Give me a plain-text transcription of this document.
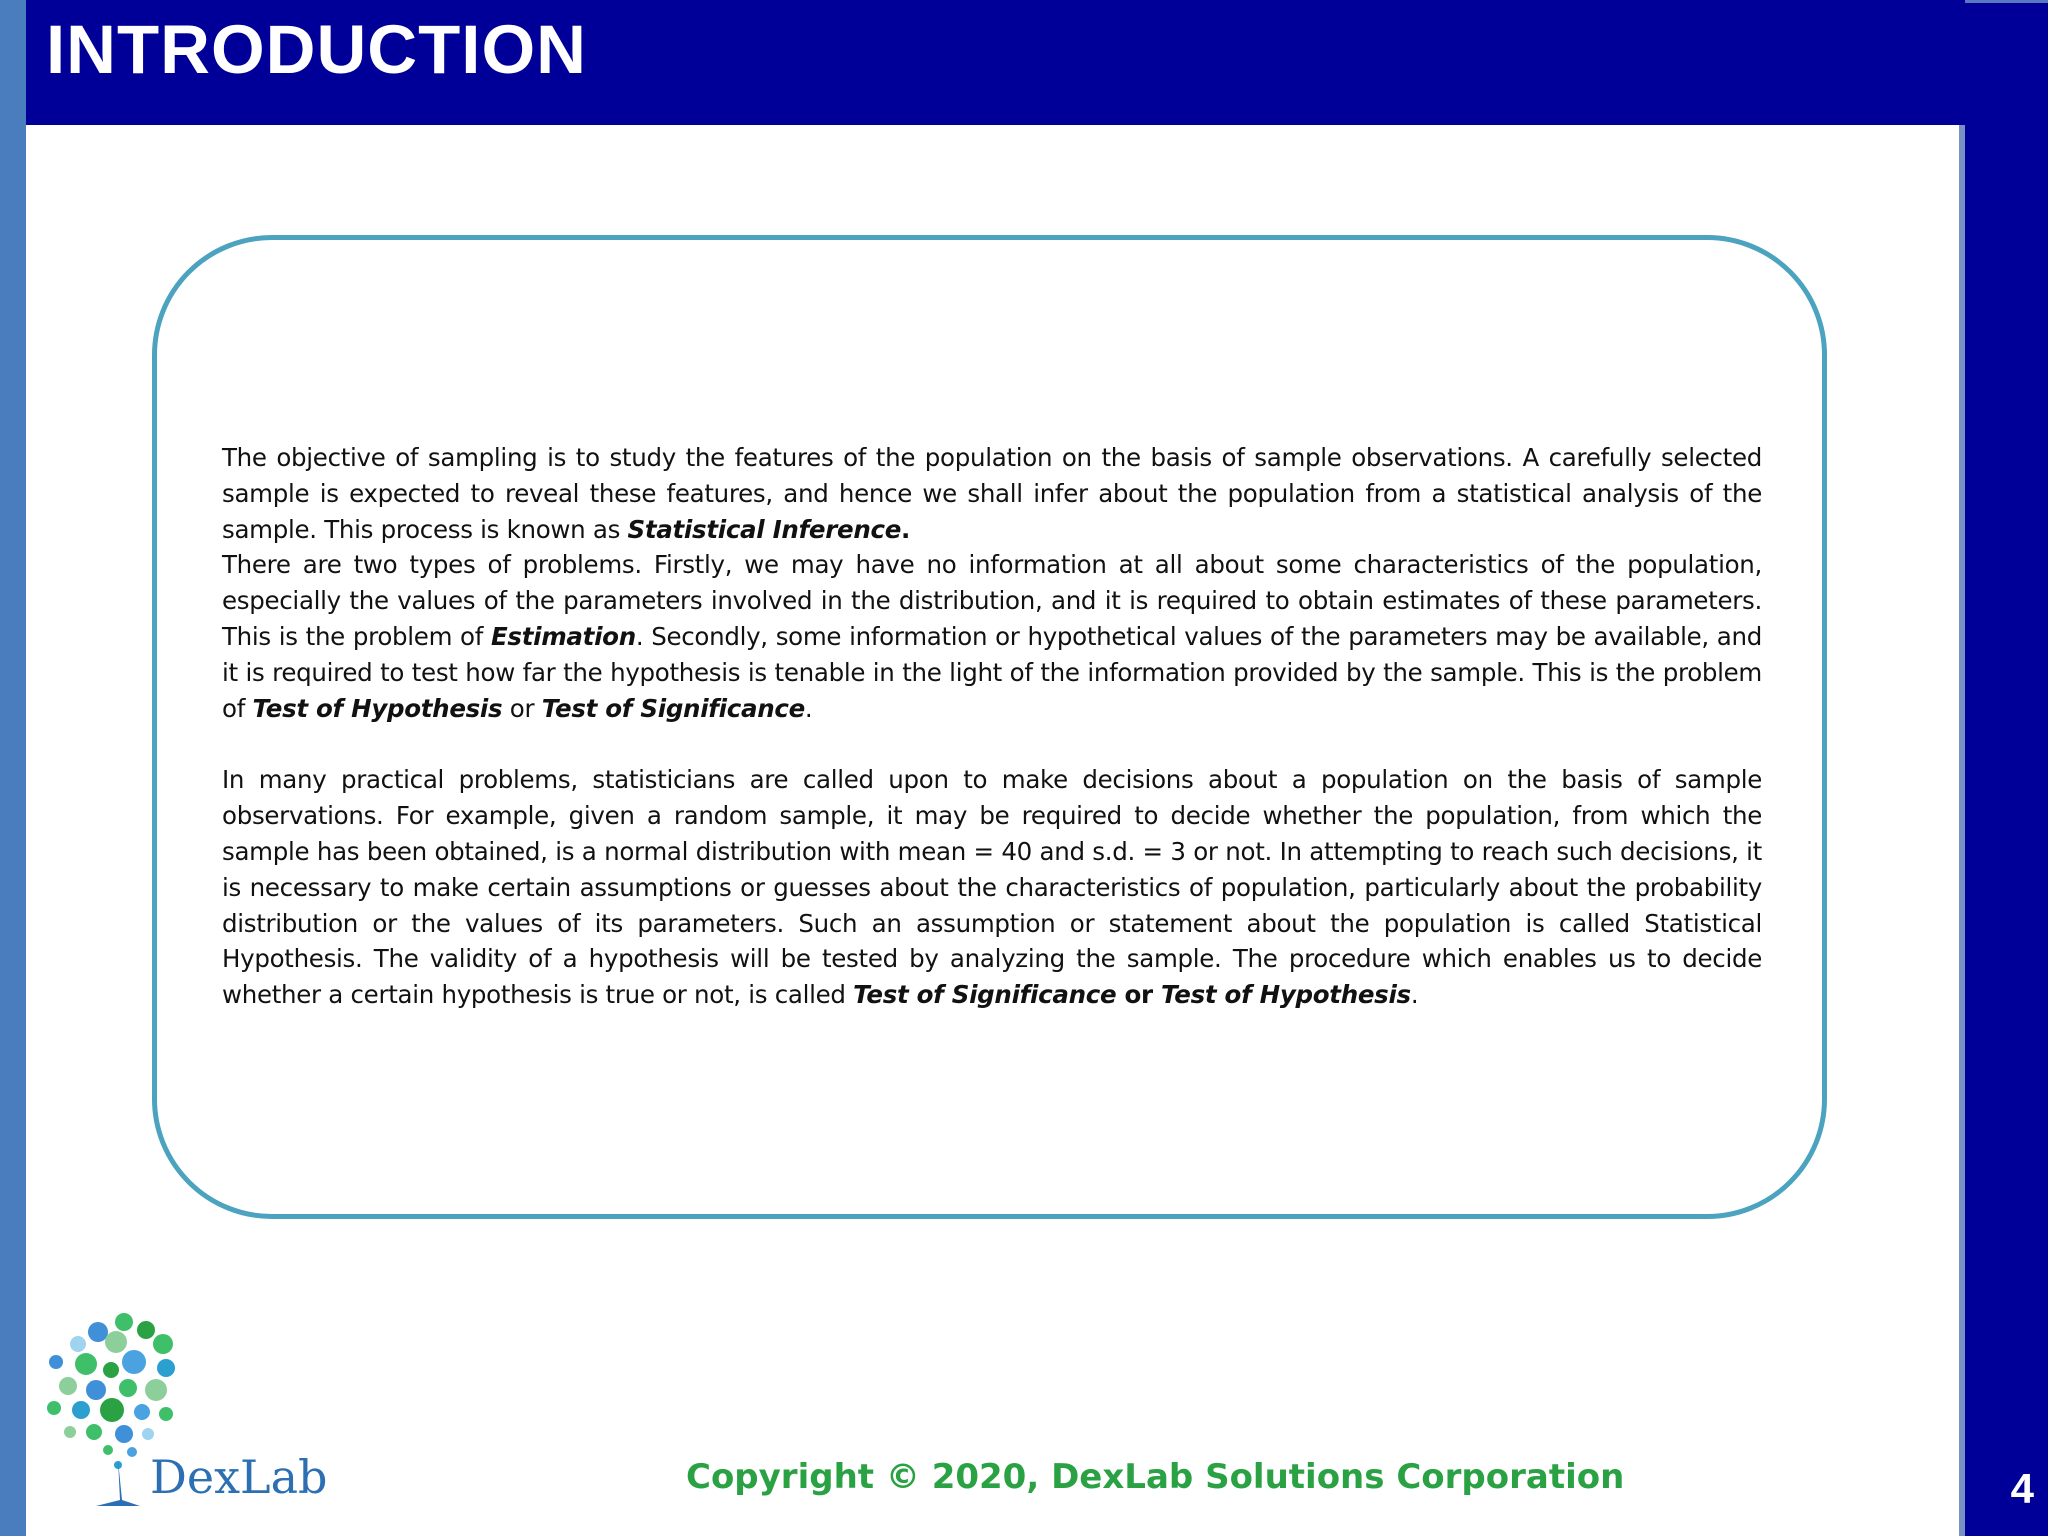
INTRODUCTION

The objective of sampling is to study the features of the population on the basis of sample observations. A carefully selected sample is expected to reveal these features, and hence we shall infer about the population from a statistical analysis of the sample. This process is known as Statistical Inference.

There are two types of problems. Firstly, we may have no information at all about some characteristics of the population, especially the values of the parameters involved in the distribution, and it is required to obtain estimates of these parameters. This is the problem of Estimation. Secondly, some information or hypothetical values of the parameters may be available, and it is required to test how far the hypothesis is tenable in the light of the information provided by the sample. This is the problem of Test of Hypothesis or Test of Significance.

In many practical problems, statisticians are called upon to make decisions about a population on the basis of sample observations. For example, given a random sample, it may be required to decide whether the population, from which the sample has been obtained, is a normal distribution with mean = 40 and s.d. = 3 or not. In attempting to reach such decisions, it is necessary to make certain assumptions or guesses about the characteristics of population, particularly about the probability distribution or the values of its parameters. Such an assumption or statement about the population is called Statistical Hypothesis. The validity of a hypothesis will be tested by analyzing the sample. The procedure which enables us to decide whether a certain hypothesis is true or not, is called Test of Significance or Test of Hypothesis.

DexLab	Copyright © 2020, DexLab Solutions Corporation	4
